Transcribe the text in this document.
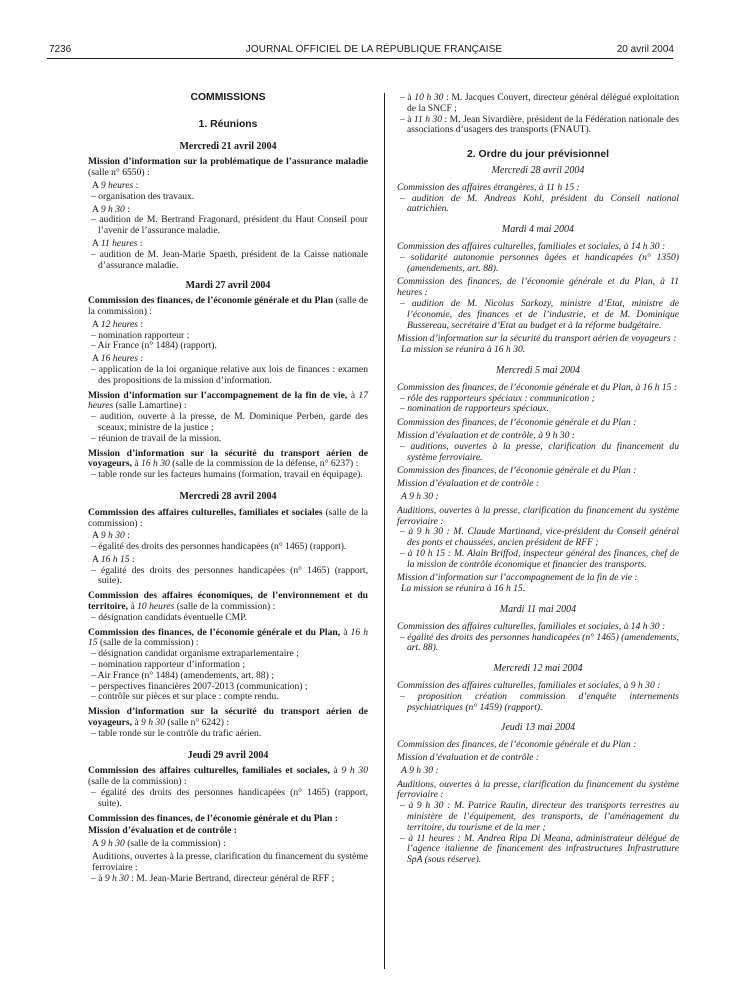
7236	JOURNAL OFFICIEL DE LA RÉPUBLIQUE FRANÇAISE	20 avril 2004

COMMISSIONS

1. Réunions

Mercredi 21 avril 2004

Mission d’information sur la problématique de l’assurance maladie (salle n° 6550) :

A 9 heures :

– organisation des travaux.

A 9 h 30 :

– audition de M. Bertrand Fragonard, président du Haut Conseil pour l’avenir de l’assurance maladie.

A 11 heures :

– audition de M. Jean-Marie Spaeth, président de la Caisse nationale d’assurance maladie.

Mardi 27 avril 2004

Commission des finances, de l’économie générale et du Plan (salle de la commission) :

A 12 heures :

– nomination rapporteur ;

– Air France (n° 1484) (rapport).

A 16 heures :

– application de la loi organique relative aux lois de finances : examen des propositions de la mission d’information.

Mission d’information sur l’accompagnement de la fin de vie, à 17 heures (salle Lamartine) :

– audition, ouverte à la presse, de M. Dominique Perben, garde des sceaux, ministre de la justice ;

– réunion de travail de la mission.

Mission d’information sur la sécurité du transport aérien de voyageurs, à 16 h 30 (salle de la commission de la défense, n° 6237) :

– table ronde sur les facteurs humains (formation, travail en équipage).

Mercredi 28 avril 2004

Commission des affaires culturelles, familiales et sociales (salle de la commission) :

A 9 h 30 :

– égalité des droits des personnes handicapées (n° 1465) (rapport).

A 16 h 15 :

– égalité des droits des personnes handicapées (n° 1465) (rapport, suite).

Commission des affaires économiques, de l’environnement et du territoire, à 10 heures (salle de la commission) :

– désignation candidats éventuelle CMP.

Commission des finances, de l’économie générale et du Plan, à 16 h 15 (salle de la commission) :

– désignation candidat organisme extraparlementaire ;

– nomination rapporteur d’information ;

– Air France (n° 1484) (amendements, art. 88) ;

– perspectives financières 2007-2013 (communication) ;

– contrôle sur pièces et sur place : compte rendu.

Mission d’information sur la sécurité du transport aérien de voyageurs, à 9 h 30 (salle n° 6242) :

– table ronde sur le contrôle du trafic aérien.

Jeudi 29 avril 2004

Commission des affaires culturelles, familiales et sociales, à 9 h 30 (salle de la commission) :

– égalité des droits des personnes handicapées (n° 1465) (rapport, suite).

Commission des finances, de l’économie générale et du Plan :

Mission d’évaluation et de contrôle :

A 9 h 30 (salle de la commission) :

Auditions, ouvertes à la presse, clarification du financement du système ferroviaire :

– à 9 h 30 : M. Jean-Marie Bertrand, directeur général de RFF ;

– à 10 h 30 : M. Jacques Couvert, directeur général délégué exploitation de la SNCF ;

– à 11 h 30 : M. Jean Sivardière, président de la Fédération nationale des associations d’usagers des transports (FNAUT).

2. Ordre du jour prévisionnel

Mercredi 28 avril 2004

Commission des affaires étrangères, à 11 h 15 :

– audition de M. Andreas Kohl, président du Conseil national autrichien.

Mardi 4 mai 2004

Commission des affaires culturelles, familiales et sociales, à 14 h 30 :

– solidarité autonomie personnes âgées et handicapées (n° 1350) (amendements, art. 88).

Commission des finances, de l’économie générale et du Plan, à 11 heures :

– audition de M. Nicolas Sarkozy, ministre d’Etat, ministre de l’économie, des finances et de l’industrie, et de M. Dominique Bussereau, secrétaire d’Etat au budget et à la réforme budgétaire.

Mission d’information sur la sécurité du transport aérien de voyageurs :

La mission se réunira à 16 h 30.

Mercredi 5 mai 2004

Commission des finances, de l’économie générale et du Plan, à 16 h 15 :

– rôle des rapporteurs spéciaux : communication ;

– nomination de rapporteurs spéciaux.

Commission des finances, de l’économie générale et du Plan :

Mission d’évaluation et de contrôle, à 9 h 30 :

– auditions, ouvertes à la presse, clarification du financement du système ferroviaire.

Commission des finances, de l’économie générale et du Plan :

Mission d’évaluation et de contrôle :

A 9 h 30 :

Auditions, ouvertes à la presse, clarification du financement du système ferroviaire :

– à 9 h 30 : M. Claude Martinand, vice-président du Conseil général des ponts et chaussées, ancien président de RFF ;

– à 10 h 15 : M. Alain Briffod, inspecteur général des finances, chef de la mission de contrôle économique et financier des transports.

Mission d’information sur l’accompagnement de la fin de vie :

La mission se réunira à 16 h 15.

Mardi 11 mai 2004

Commission des affaires culturelles, familiales et sociales, à 14 h 30 :

– égalité des droits des personnes handicapées (n° 1465) (amendements, art. 88).

Mercredi 12 mai 2004

Commission des affaires culturelles, familiales et sociales, à 9 h 30 :

– proposition création commission d’enquête internements psychiatriques (n° 1459) (rapport).

Jeudi 13 mai 2004

Commission des finances, de l’économie générale et du Plan :

Mission d’évaluation et de contrôle :

A 9 h 30 :

Auditions, ouvertes à la presse, clarification du financement du système ferroviaire :

– à 9 h 30 : M. Patrice Raulin, directeur des transports terrestres au ministère de l’équipement, des transports, de l’aménagement du territoire, du tourisme et de la mer ;

– à 11 heures : M. Andrea Ripa Di Meana, administrateur délégué de l’agence italienne de financement des infrastructures Infrastrutture SpA (sous réserve).
